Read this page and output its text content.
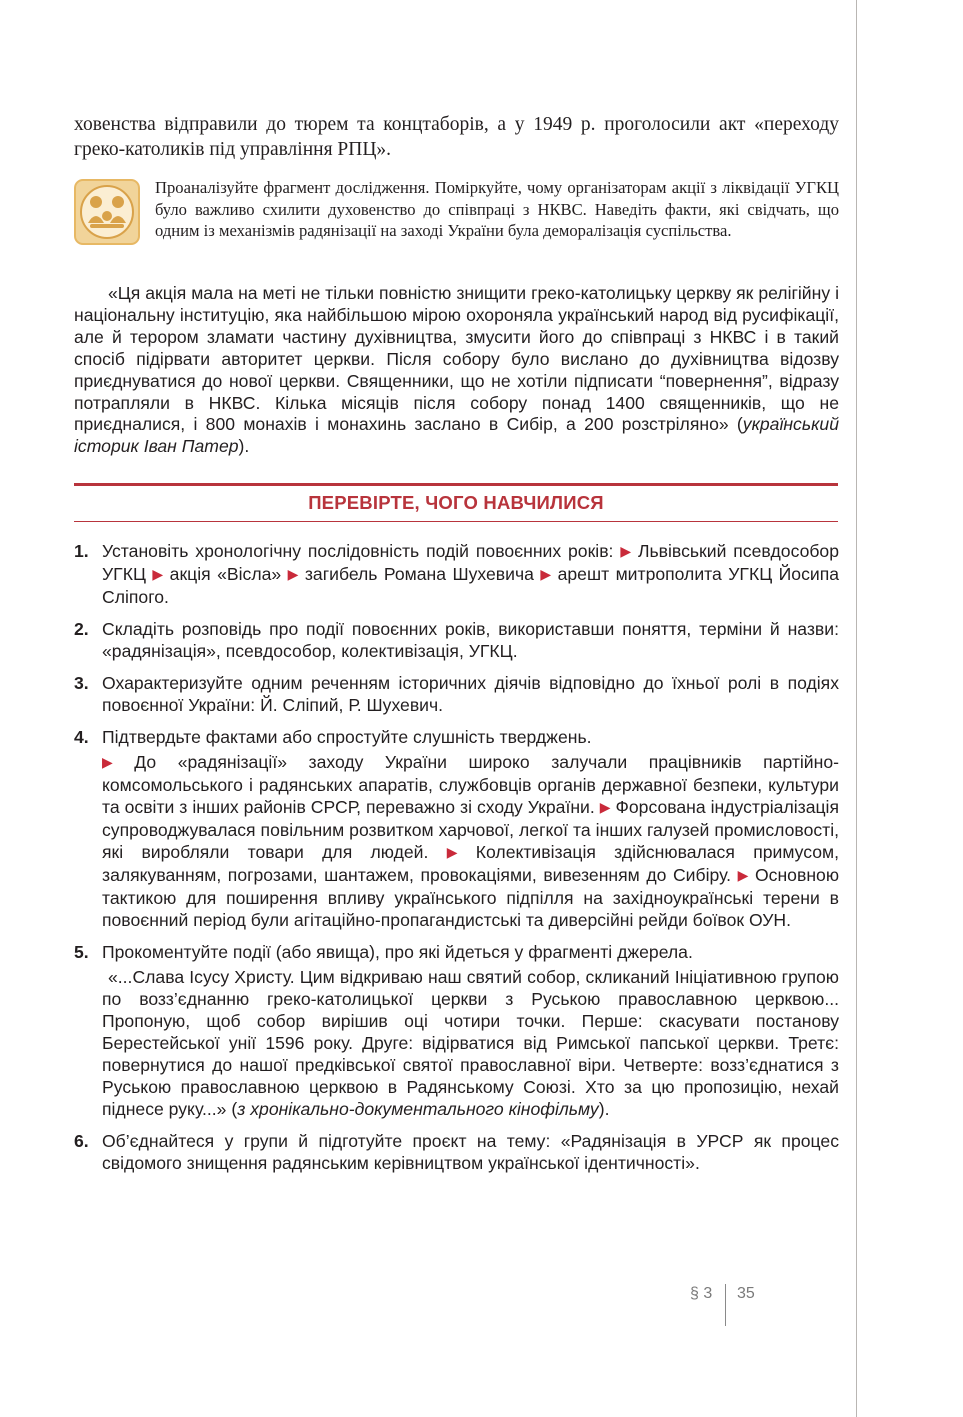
ховенства відправили до тюрем та концтаборів, а у 1949 р. проголосили акт «переходу греко-католиків під управління РПЦ».
Проаналізуйте фрагмент дослідження. Поміркуйте, чому організаторам акції з ліквідації УГКЦ було важливо схилити духовенство до співпраці з НКВС. Наведіть факти, які свідчать, що одним із механізмів радянізації на заході України була деморалізація суспільства.

«Ця акція мала на меті не тільки повністю знищити греко-католицьку церкву як релігійну і національну інституцію, яка найбільшою мірою охороняла український народ від русифікації, але й терором зламати частину духівництва, змусити його до співпраці з НКВС і в такий спосіб підірвати авторитет церкви. Після собору було вислано до духівництва відозву приєднуватися до нової церкви. Священники, що не хотіли підписати “повернення”, відразу потрапляли в НКВС. Кілька місяців після собору понад 1400 священників, що не приєдналися, і 800 монахів і монахинь заслано в Сибір, а 200 розстріляно» (український історик Іван Патер).

ПЕРЕВІРТЕ, ЧОГО НАВЧИЛИСЯ
1. Установіть хронологічну послідовність подій повоєнних років: ▶ Львівський псевдособор УГКЦ ▶ акція «Вісла» ▶ загибель Романа Шухевича ▶ арешт митрополита УГКЦ Йосипа Сліпого.

2. Складіть розповідь про події повоєнних років, використавши поняття, терміни й назви: «радянізація», псевдособор, колективізація, УГКЦ.

3. Охарактеризуйте одним реченням історичних діячів відповідно до їхньої ролі в подіях повоєнної України: Й. Сліпий, Р. Шухевич.

4. Підтвердьте фактами або спростуйте слушність тверджень.

▶ До «радянізації» заходу України широко залучали працівників партійно-комсомольського і радянських апаратів, службовців органів державної безпеки, культури та освіти з інших районів СРСР, переважно зі сходу України. ▶ Форсована індустріалізація супроводжувалася повільним розвитком харчової, легкої та інших галузей промисловості, які виробляли товари для людей. ▶ Колективізація здійснювалася примусом, залякуванням, погрозами, шантажем, провокаціями, вивезенням до Сибіру. ▶ Основною тактикою для поширення впливу українського підпілля на західноукраїнські терени в повоєнний період були агітаційно-пропагандистські та диверсійні рейди боївок ОУН.

5. Прокоментуйте події (або явища), про які йдеться у фрагменті джерела.

«...Слава Ісусу Христу. Цим відкриваю наш святий собор, скликаний Ініціативною групою по возз’єднанню греко-католицької церкви з Руською православною церквою... Пропоную, щоб собор вирішив оці чотири точки. Перше: скасувати постанову Берестейської унії 1596 року. Друге: відірватися від Римської папської церкви. Третє: повернутися до нашої предківської святої православної віри. Четверте: возз’єднатися з Руською православною церквою в Радянському Союзі. Хто за цю пропозицію, нехай піднесе руку...» (з хронікально-документального кінофільму).

6. Об’єднайтеся у групи й підготуйте проєкт на тему: «Радянізація в УРСР як процес свідомого знищення радянським керівництвом української ідентичності».

§ 3 35
